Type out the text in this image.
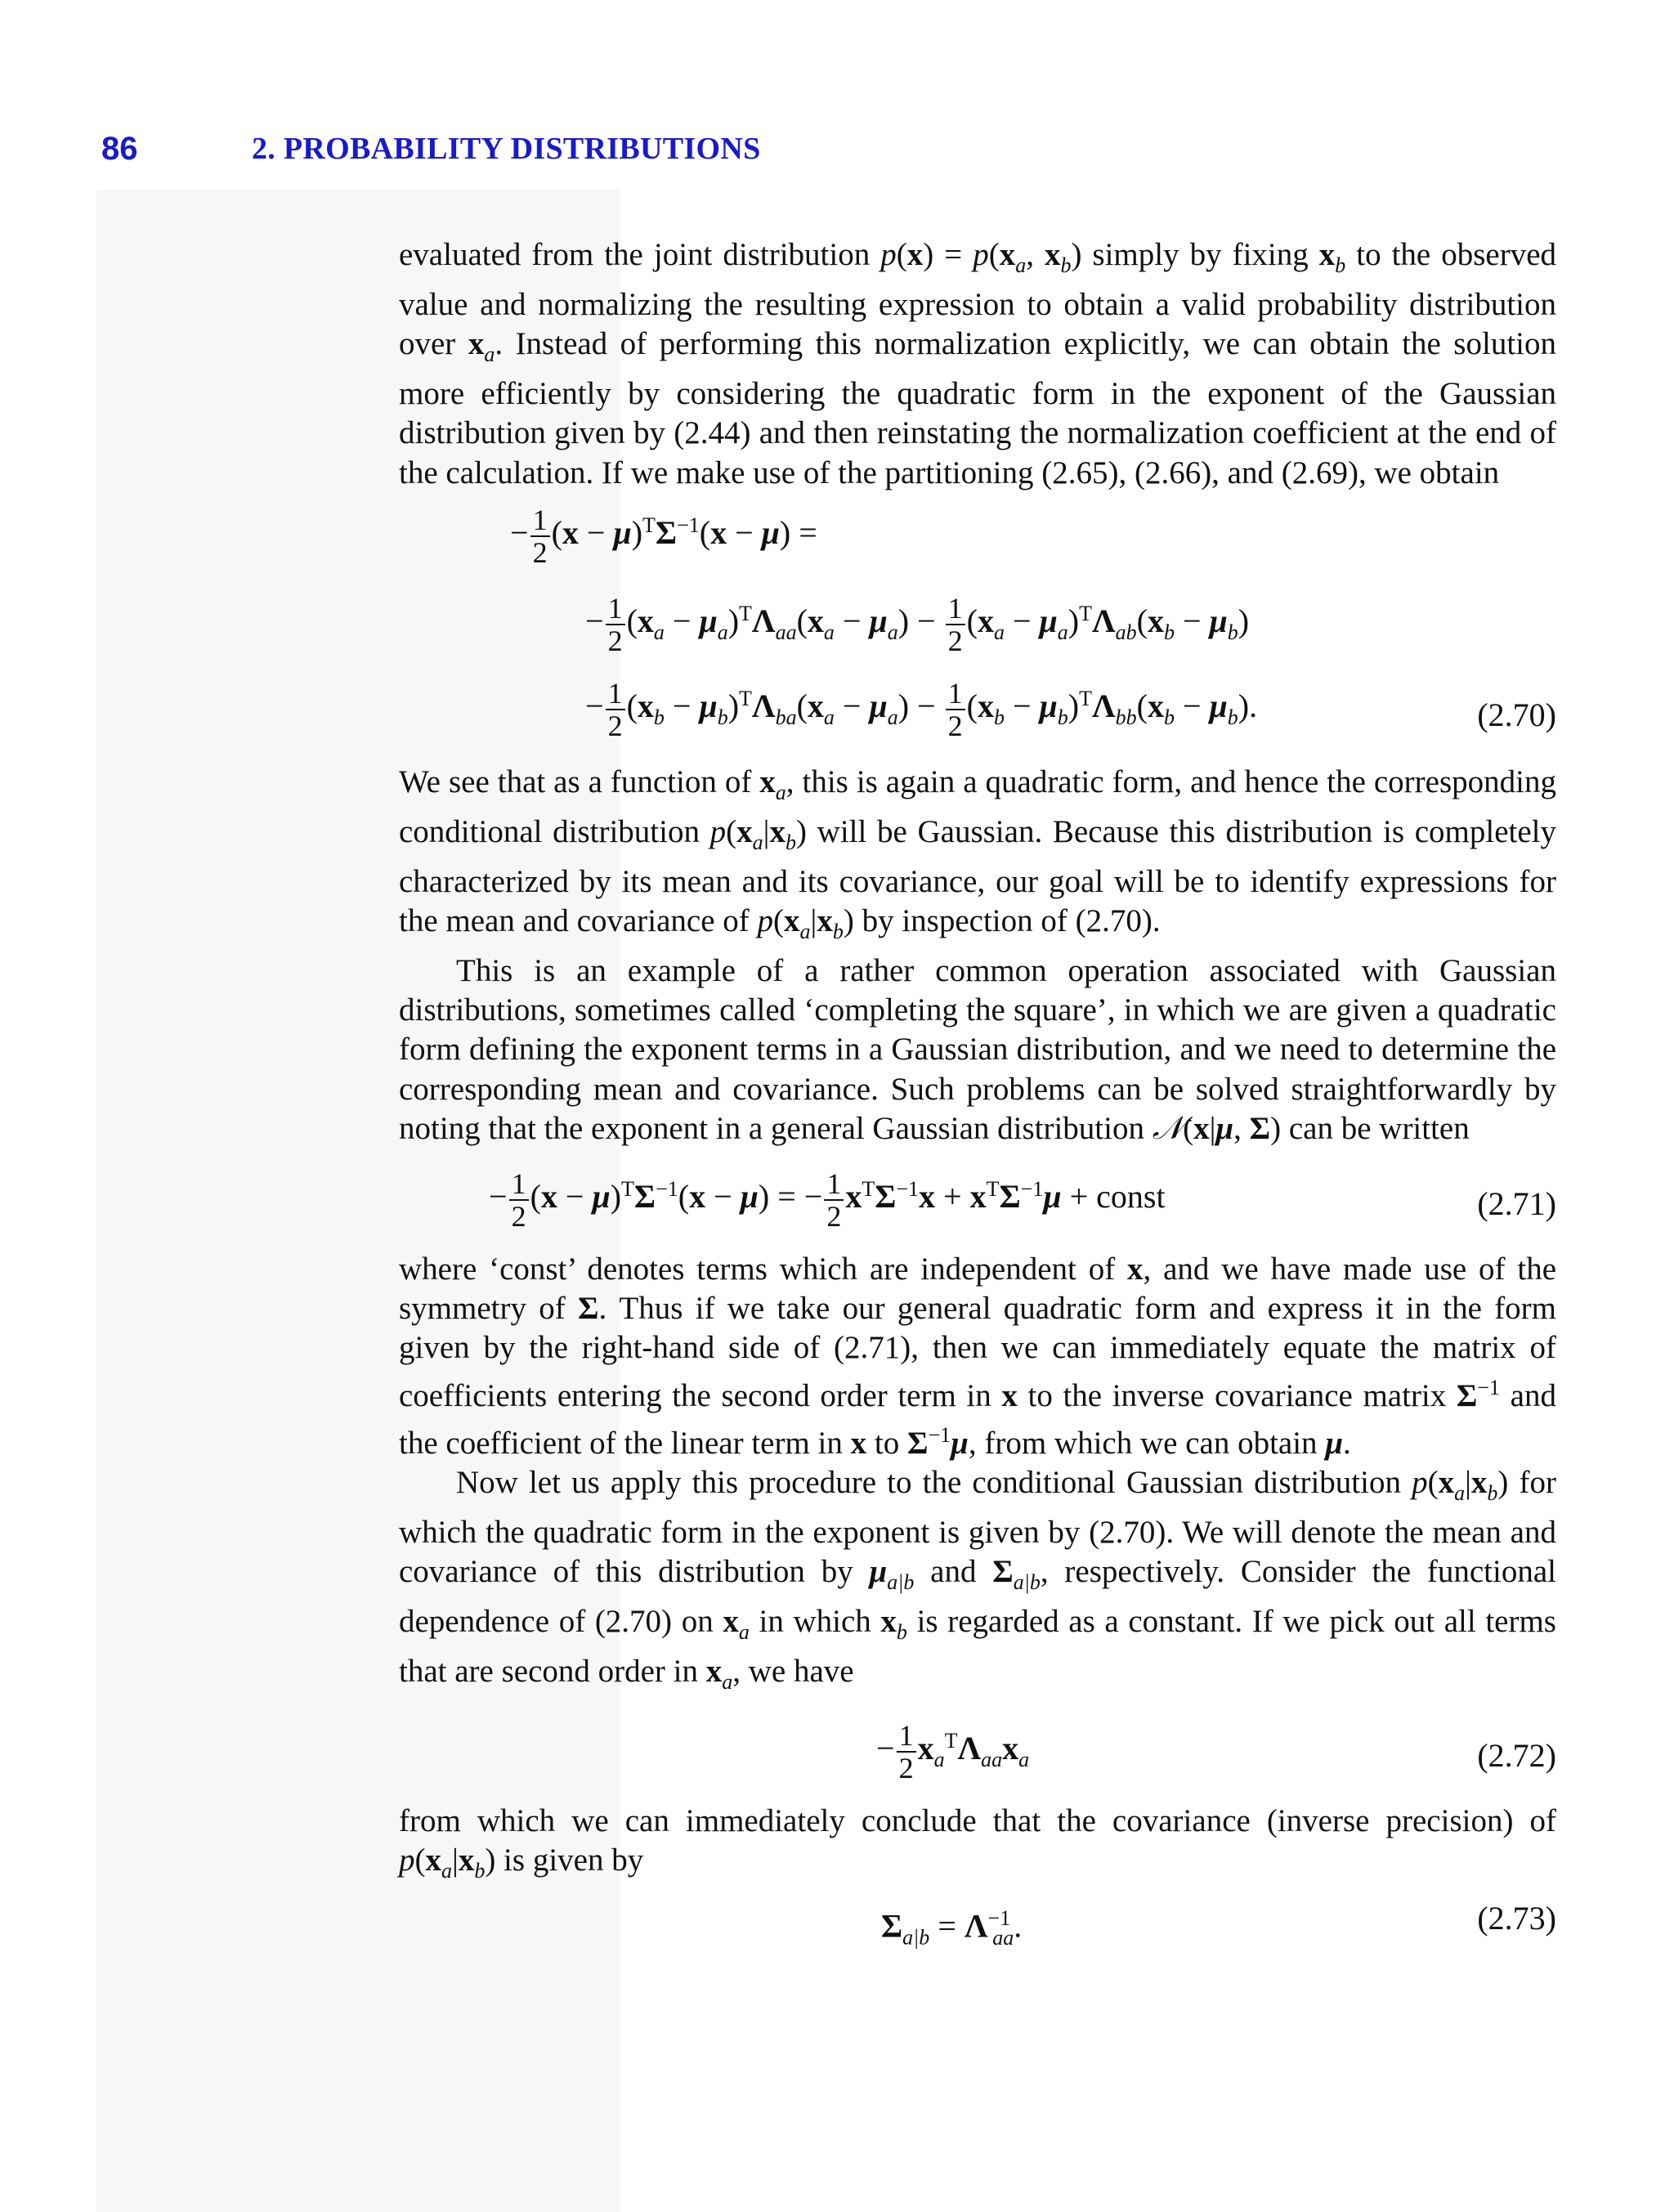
86	2. PROBABILITY DISTRIBUTIONS

evaluated from the joint distribution $p(x) = p(x_a$, $x_b$) simply by fixing $x_b$ to the observed value and normalizing the resulting expression to obtain a valid probability distribution over $x_a$. Instead of performing this normalization explicitly, we can obtain the solution more efficiently by considering the quadratic form in the exponent of the Gaussian distribution given by (2.44) and then reinstating the normalization coefficient at the end of the calculation. If we make use of the partitioning (2.65), (2.66), and (2.69), we obtain

− $\frac{1}{2} (x - \mu)^T\Sigma^{-1}(x - \mu)$ =
− $\frac{1}{2} (x_a - \mu_a)^T\Lambda_{aa}(x_a - \mu_a) - \frac{1}{2} (x_a - \mu_a)^T\Lambda_{ab}(x_b - \mu_b)$
− $\frac{1}{2} (x_b - \mu_b)^T\Lambda_{ba}(x_a - \mu_a) - \frac{1}{2} (x_b - \mu_b)^T\Lambda_{bb}(x_b - \mu_b)$.	(2.70)

We see that as a function of $x_a$, this is again a quadratic form, and hence the corresponding conditional distribution $p(x_a|x_b)$ will be Gaussian. Because this distribution is completely characterized by its mean and its covariance, our goal will be to identify expressions for the mean and covariance of $p(x_a|x_b)$ by inspection of (2.70).

This is an example of a rather common operation associated with Gaussian distributions, sometimes called ‘completing the square’, in which we are given a quadratic form defining the exponent terms in a Gaussian distribution, and we need to determine the corresponding mean and covariance. Such problems can be solved straightforwardly by noting that the exponent in a general Gaussian distribution 𝒩(x|μ, Σ) can be written

− $\frac{1}{2} (x - \mu)^T\Sigma^{-1}(x - \mu)$ = − $\frac{1}{2} x^T\Sigma^{-1}x + x^T\Sigma^{-1}\mu$ + const	(2.71)

where ‘const’ denotes terms which are independent of x, and we have made use of the symmetry of Σ. Thus if we take our general quadratic form and express it in the form given by the right-hand side of (2.71), then we can immediately equate the matrix of coefficients entering the second order term in x to the inverse covariance matrix $\Sigma^{-1}$ and the coefficient of the linear term in x to $\Sigma^{-1}\mu$, from which we can obtain μ.

Now let us apply this procedure to the conditional Gaussian distribution $p(x_a|x_b)$ for which the quadratic form in the exponent is given by (2.70). We will denote the mean and covariance of this distribution by $\mu_{a|b}$ and $\Sigma_{a|b}$, respectively. Consider the functional dependence of (2.70) on $x_a$ in which $x_b$ is regarded as a constant. If we pick out all terms that are second order in $x_a$, we have

− $\frac{1}{2} x_a^T\Lambda_{aa}x_a$	(2.72)

from which we can immediately conclude that the covariance (inverse precision) of $p(x_a|x_b)$ is given by

$\Sigma_{a|b} = \Lambda^{-1}_{aa}$.	(2.73)
